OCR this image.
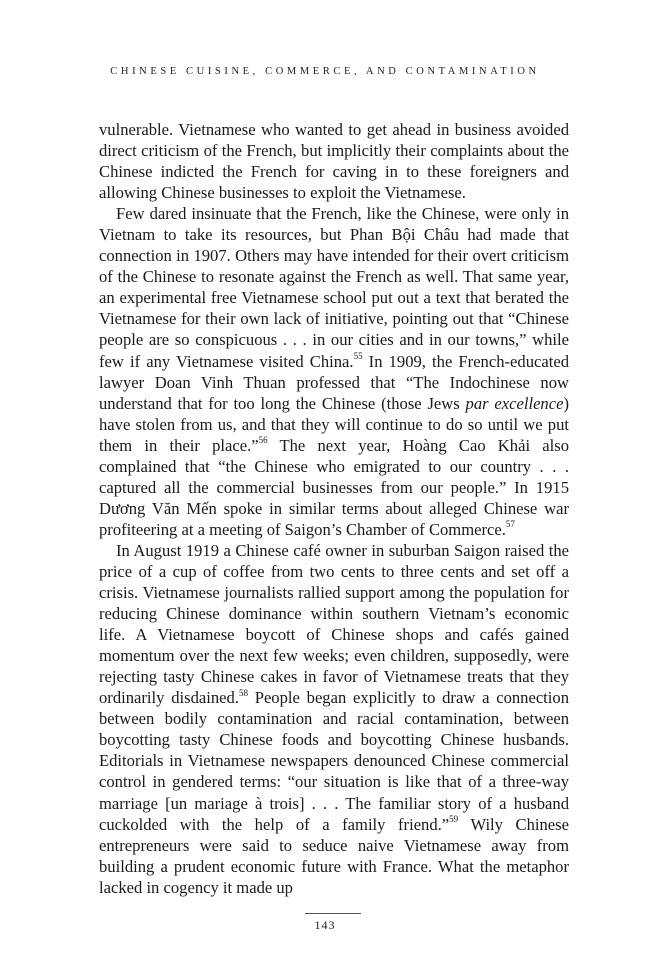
CHINESE CUISINE, COMMERCE, AND CONTAMINATION

vulnerable. Vietnamese who wanted to get ahead in business avoided direct criticism of the French, but implicitly their complaints about the Chinese indicted the French for caving in to these foreigners and allowing Chinese businesses to exploit the Vietnamese.

Few dared insinuate that the French, like the Chinese, were only in Vietnam to take its resources, but Phan Bội Châu had made that connection in 1907. Others may have intended for their overt criticism of the Chinese to resonate against the French as well. That same year, an experimental free Vietnamese school put out a text that berated the Vietnamese for their own lack of initiative, pointing out that “Chinese people are so conspicuous . . . in our cities and in our towns,” while few if any Vietnamese visited China.$^{55}$ In 1909, the French-educated lawyer Doan Vinh Thuan professed that “The Indochinese now understand that for too long the Chinese (those Jews par excellence) have stolen from us, and that they will continue to do so until we put them in their place.”$^{56}$ The next year, Hoàng Cao Khải also complained that “the Chinese who emigrated to our country . . . captured all the commercial businesses from our people.” In 1915 Dương Văn Mến spoke in similar terms about alleged Chinese war profiteering at a meeting of Saigon’s Chamber of Commerce.$^{57}$

In August 1919 a Chinese café owner in suburban Saigon raised the price of a cup of coffee from two cents to three cents and set off a crisis. Vietnamese journalists rallied support among the population for reducing Chinese dominance within southern Vietnam’s economic life. A Vietnamese boycott of Chinese shops and cafés gained momentum over the next few weeks; even children, supposedly, were rejecting tasty Chinese cakes in favor of Vietnamese treats that they ordinarily disdained.$^{58}$ People began explicitly to draw a connection between bodily contamination and racial contamination, between boycotting tasty Chinese foods and boycotting Chinese husbands. Editorials in Vietnamese newspapers denounced Chinese commercial control in gendered terms: “our situation is like that of a three-way marriage [un mariage à trois] . . . The familiar story of a husband cuckolded with the help of a family friend.”$^{59}$ Wily Chinese entrepreneurs were said to seduce naive Vietnamese away from building a prudent economic future with France. What the metaphor lacked in cogency it made up

143
